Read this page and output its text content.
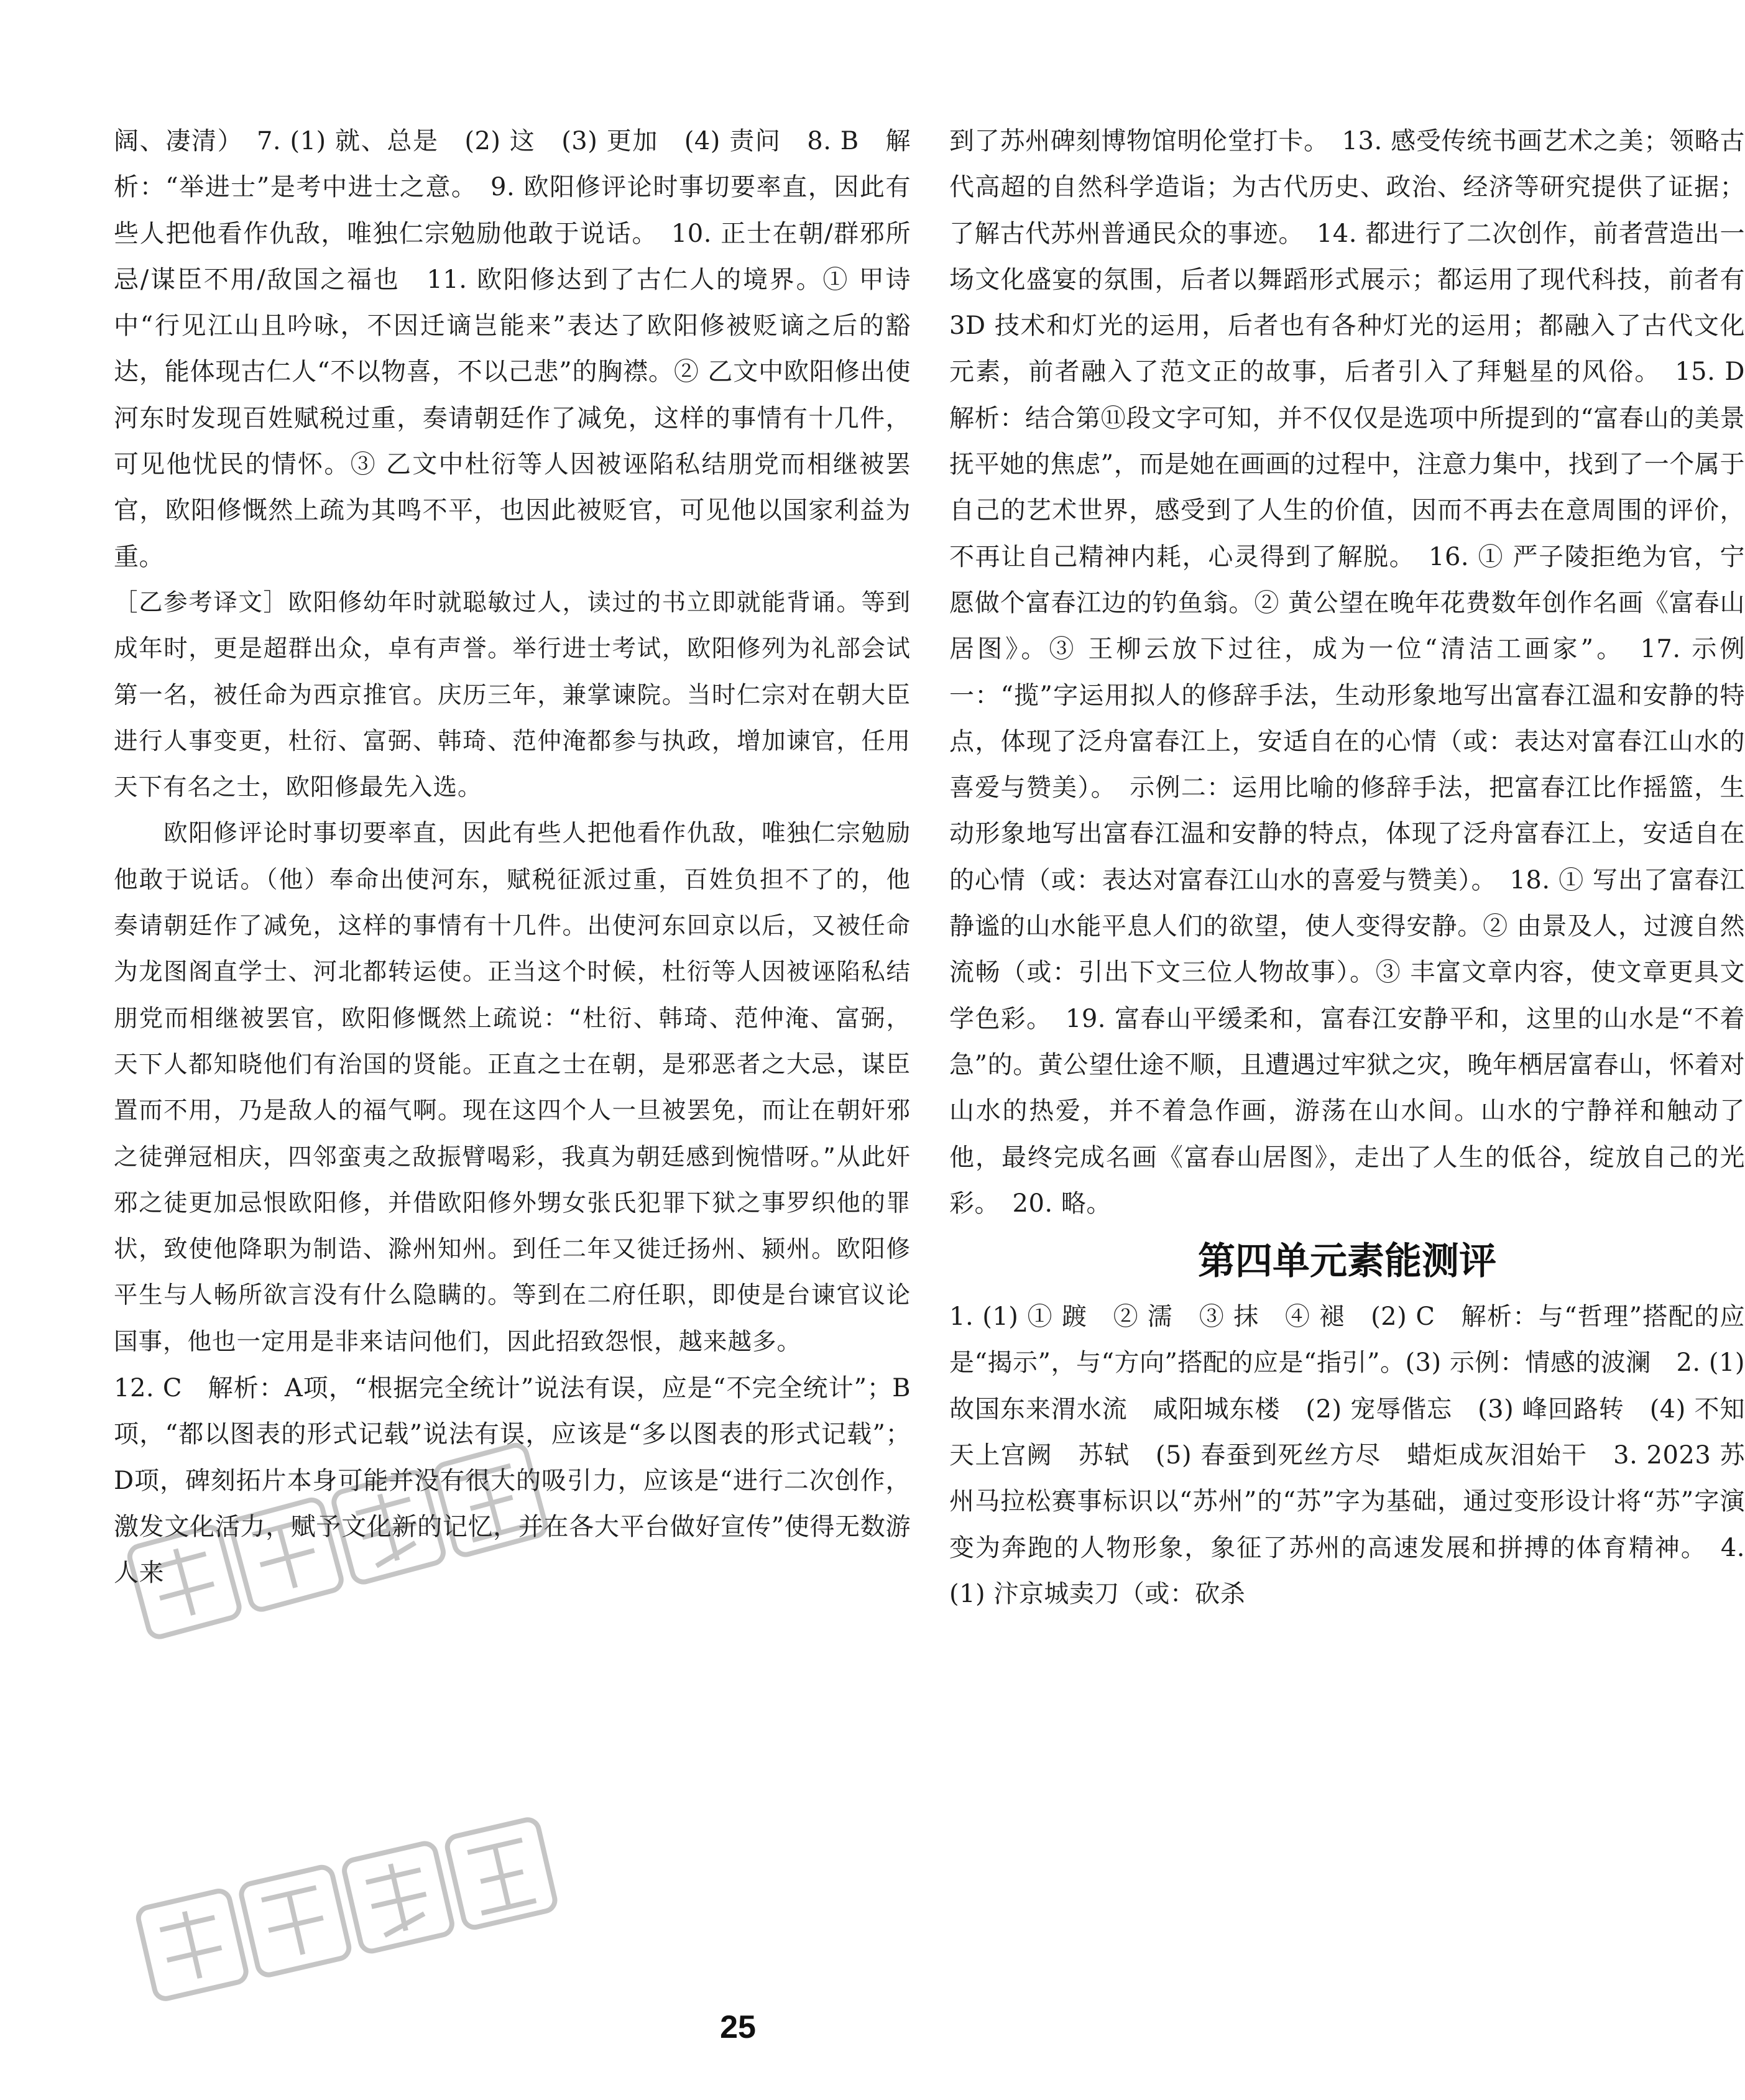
阔、凄清）　7. (1) 就、总是　(2) 这　(3) 更加　(4) 责问　8. B　解析：“举进士”是考中进士之意。　9. 欧阳修评论时事切要率直，因此有些人把他看作仇敌，唯独仁宗勉励他敢于说话。　10. 正士在朝/群邪所忌/谋臣不用/敌国之福也　11. 欧阳修达到了古仁人的境界。① 甲诗中“行见江山且吟咏，不因迁谪岂能来”表达了欧阳修被贬谪之后的豁达，能体现古仁人“不以物喜，不以己悲”的胸襟。② 乙文中欧阳修出使河东时发现百姓赋税过重，奏请朝廷作了减免，这样的事情有十几件，可见他忧民的情怀。③ 乙文中杜衍等人因被诬陷私结朋党而相继被罢官，欧阳修慨然上疏为其鸣不平，也因此被贬官，可见他以国家利益为重。
［乙参考译文］欧阳修幼年时就聪敏过人，读过的书立即就能背诵。等到成年时，更是超群出众，卓有声誉。举行进士考试，欧阳修列为礼部会试第一名，被任命为西京推官。庆历三年，兼掌谏院。当时仁宗对在朝大臣进行人事变更，杜衍、富弼、韩琦、范仲淹都参与执政，增加谏官，任用天下有名之士，欧阳修最先入选。
　　欧阳修评论时事切要率直，因此有些人把他看作仇敌，唯独仁宗勉励他敢于说话。（他）奉命出使河东，赋税征派过重，百姓负担不了的，他奏请朝廷作了减免，这样的事情有十几件。出使河东回京以后，又被任命为龙图阁直学士、河北都转运使。正当这个时候，杜衍等人因被诬陷私结朋党而相继被罢官，欧阳修慨然上疏说：“杜衍、韩琦、范仲淹、富弼，天下人都知晓他们有治国的贤能。正直之士在朝，是邪恶者之大忌，谋臣置而不用，乃是敌人的福气啊。现在这四个人一旦被罢免，而让在朝奸邪之徒弹冠相庆，四邻蛮夷之敌振臂喝彩，我真为朝廷感到惋惜呀。”从此奸邪之徒更加忌恨欧阳修，并借欧阳修外甥女张氏犯罪下狱之事罗织他的罪状，致使他降职为制诰、滁州知州。到任二年又徙迁扬州、颍州。欧阳修平生与人畅所欲言没有什么隐瞒的。等到在二府任职，即使是台谏官议论国事，他也一定用是非来诘问他们，因此招致怨恨，越来越多。
12. C　解析：A项，“根据完全统计”说法有误，应是“不完全统计”；B项，“都以图表的形式记载”说法有误，应该是“多以图表的形式记载”；D项，碑刻拓片本身可能并没有很大的吸引力，应该是“进行二次创作，激发文化活力，赋予文化新的记忆，并在各大平台做好宣传”使得无数游人来
到了苏州碑刻博物馆明伦堂打卡。　13. 感受传统书画艺术之美；领略古代高超的自然科学造诣；为古代历史、政治、经济等研究提供了证据；了解古代苏州普通民众的事迹。　14. 都进行了二次创作，前者营造出一场文化盛宴的氛围，后者以舞蹈形式展示；都运用了现代科技，前者有 3D 技术和灯光的运用，后者也有各种灯光的运用；都融入了古代文化元素，前者融入了范文正的故事，后者引入了拜魁星的风俗。　15. D　解析：结合第⑪段文字可知，并不仅仅是选项中所提到的“富春山的美景抚平她的焦虑”，而是她在画画的过程中，注意力集中，找到了一个属于自己的艺术世界，感受到了人生的价值，因而不再去在意周围的评价，不再让自己精神内耗，心灵得到了解脱。　16. ① 严子陵拒绝为官，宁愿做个富春江边的钓鱼翁。② 黄公望在晚年花费数年创作名画《富春山居图》。③ 王柳云放下过往，成为一位“清洁工画家”。　17. 示例一：“揽”字运用拟人的修辞手法，生动形象地写出富春江温和安静的特点，体现了泛舟富春江上，安适自在的心情（或：表达对富春江山水的喜爱与赞美）。　示例二：运用比喻的修辞手法，把富春江比作摇篮，生动形象地写出富春江温和安静的特点，体现了泛舟富春江上，安适自在的心情（或：表达对富春江山水的喜爱与赞美）。　18. ① 写出了富春江静谧的山水能平息人们的欲望，使人变得安静。② 由景及人，过渡自然流畅（或：引出下文三位人物故事）。③ 丰富文章内容，使文章更具文学色彩。　19. 富春山平缓柔和，富春江安静平和，这里的山水是“不着急”的。黄公望仕途不顺，且遭遇过牢狱之灾，晚年栖居富春山，怀着对山水的热爱，并不着急作画，游荡在山水间。山水的宁静祥和触动了他，最终完成名画《富春山居图》，走出了人生的低谷，绽放自己的光彩。　20. 略。
第四单元素能测评
1. (1) ① 踱　② 濡　③ 抹　④ 褪　(2) C　解析：与“哲理”搭配的应是“揭示”，与“方向”搭配的应是“指引”。(3) 示例：情感的波澜　2. (1) 故国东来渭水流　咸阳城东楼　(2) 宠辱偕忘　(3) 峰回路转　(4) 不知天上宫阙　苏轼　(5) 春蚕到死丝方尽　蜡炬成灰泪始干　3. 2023 苏州马拉松赛事标识以“苏州”的“苏”字为基础，通过变形设计将“苏”字演变为奔跑的人物形象，象征了苏州的高速发展和拼搏的体育精神。　4. (1) 汴京城卖刀（或：砍杀
25
